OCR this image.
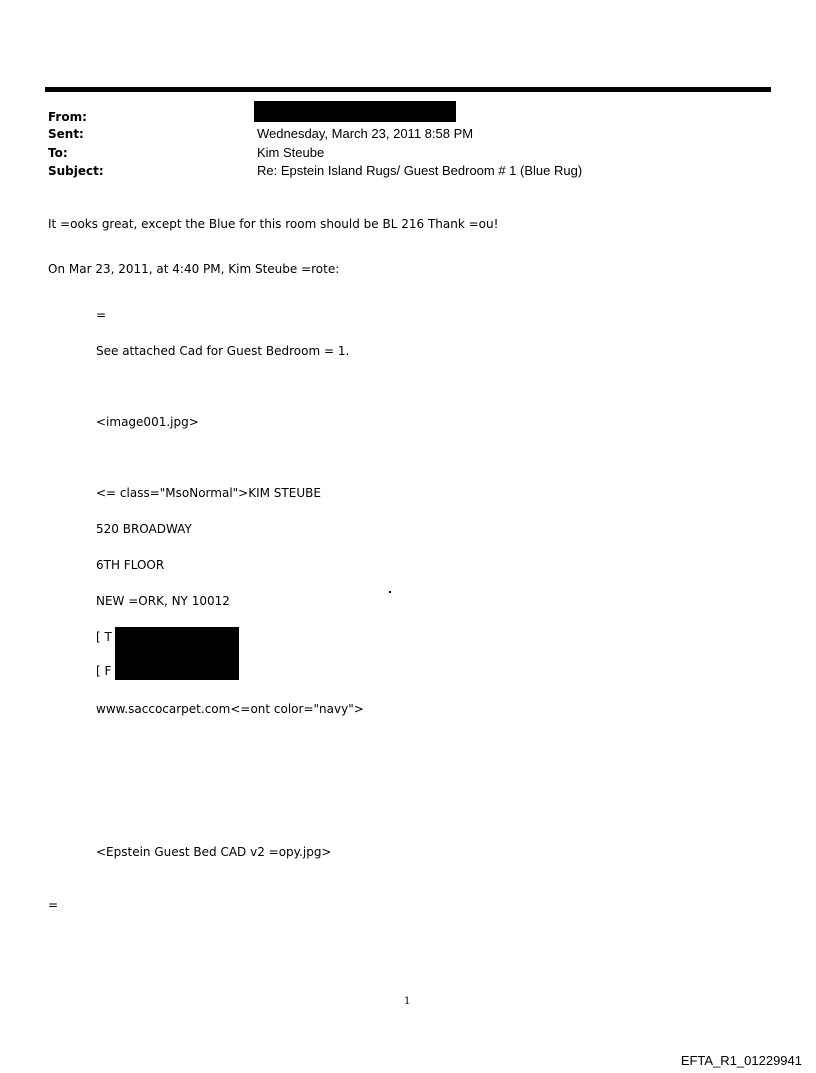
From:
Sent:	Wednesday, March 23, 2011 8:58 PM
To:	Kim Steube
Subject:	Re: Epstein Island Rugs/ Guest Bedroom # 1 (Blue Rug)
It =ooks great, except the Blue for this room should be BL 216 Thank =ou!
On Mar 23, 2011, at 4:40 PM, Kim Steube =rote:
=
See attached Cad for Guest Bedroom = 1.
<image001.jpg>
<= class="MsoNormal">KIM STEUBE
520 BROADWAY
6TH FLOOR
NEW =ORK, NY 10012
[ T
[ F
www.saccocarpet.com<=ont color="navy">
<Epstein Guest Bed CAD v2 =opy.jpg>
=
1
EFTA_R1_01229941
